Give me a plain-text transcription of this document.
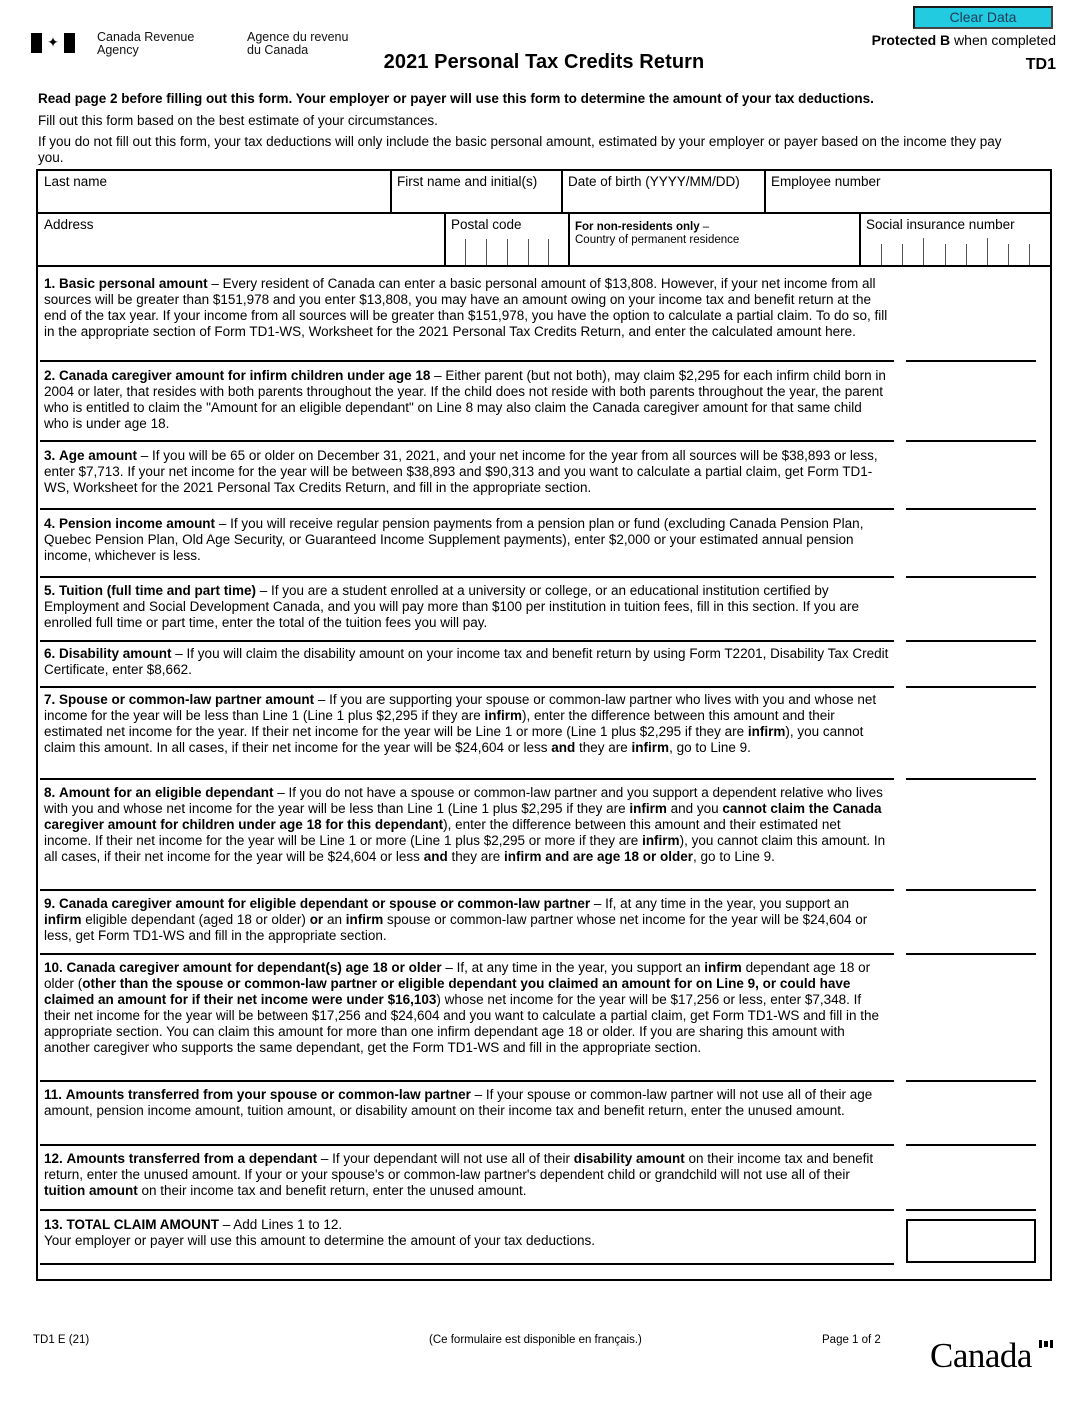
✦	Canada Revenue
Agency
Agence du revenu
du Canada
2021 Personal Tax Credits Return
Clear Data
Protected B when completed
TD1
Read page 2 before filling out this form. Your employer or payer will use this form to determine the amount of your tax deductions.
Fill out this form based on the best estimate of your circumstances.
If you do not fill out this form, your tax deductions will only include the basic personal amount, estimated by your employer or payer based on the income they pay you.
Last name	First name and initial(s)	Date of birth (YYYY/MM/DD)	Employee number
Address	Postal code	For non-residents only –
Country of permanent residence
Social insurance number
1. Basic personal amount – Every resident of Canada can enter a basic personal amount of $13,808. However, if your net income from all sources will be greater than $151,978 and you enter $13,808, you may have an amount owing on your income tax and benefit return at the end of the tax year. If your income from all sources will be greater than $151,978, you have the option to calculate a partial claim. To do so, fill in the appropriate section of Form TD1-WS, Worksheet for the 2021 Personal Tax Credits Return, and enter the calculated amount here.
2. Canada caregiver amount for infirm children under age 18 – Either parent (but not both), may claim $2,295 for each infirm child born in 2004 or later, that resides with both parents throughout the year. If the child does not reside with both parents throughout the year, the parent who is entitled to claim the "Amount for an eligible dependant" on Line 8 may also claim the Canada caregiver amount for that same child who is under age 18.
3. Age amount – If you will be 65 or older on December 31, 2021, and your net income for the year from all sources will be $38,893 or less, enter $7,713. If your net income for the year will be between $38,893 and $90,313 and you want to calculate a partial claim, get Form TD1-WS, Worksheet for the 2021 Personal Tax Credits Return, and fill in the appropriate section.
4. Pension income amount – If you will receive regular pension payments from a pension plan or fund (excluding Canada Pension Plan, Quebec Pension Plan, Old Age Security, or Guaranteed Income Supplement payments), enter $2,000 or your estimated annual pension income, whichever is less.
5. Tuition (full time and part time) – If you are a student enrolled at a university or college, or an educational institution certified by Employment and Social Development Canada, and you will pay more than $100 per institution in tuition fees, fill in this section. If you are enrolled full time or part time, enter the total of the tuition fees you will pay.
6. Disability amount – If you will claim the disability amount on your income tax and benefit return by using Form T2201, Disability Tax Credit Certificate, enter $8,662.
7. Spouse or common-law partner amount – If you are supporting your spouse or common-law partner who lives with you and whose net income for the year will be less than Line 1 (Line 1 plus $2,295 if they are infirm), enter the difference between this amount and their estimated net income for the year. If their net income for the year will be Line 1 or more (Line 1 plus $2,295 if they are infirm), you cannot claim this amount. In all cases, if their net income for the year will be $24,604 or less and they are infirm, go to Line 9.
8. Amount for an eligible dependant – If you do not have a spouse or common-law partner and you support a dependent relative who lives with you and whose net income for the year will be less than Line 1 (Line 1 plus $2,295 if they are infirm and you cannot claim the Canada caregiver amount for children under age 18 for this dependant), enter the difference between this amount and their estimated net income. If their net income for the year will be Line 1 or more (Line 1 plus $2,295 or more if they are infirm), you cannot claim this amount. In all cases, if their net income for the year will be $24,604 or less and they are infirm and are age 18 or older, go to Line 9.
9. Canada caregiver amount for eligible dependant or spouse or common-law partner – If, at any time in the year, you support an infirm eligible dependant (aged 18 or older) or an infirm spouse or common-law partner whose net income for the year will be $24,604 or less, get Form TD1-WS and fill in the appropriate section.
10. Canada caregiver amount for dependant(s) age 18 or older – If, at any time in the year, you support an infirm dependant age 18 or older (other than the spouse or common-law partner or eligible dependant you claimed an amount for on Line 9, or could have claimed an amount for if their net income were under $16,103) whose net income for the year will be $17,256 or less, enter $7,348. If their net income for the year will be between $17,256 and $24,604 and you want to calculate a partial claim, get Form TD1-WS and fill in the appropriate section. You can claim this amount for more than one infirm dependant age 18 or older. If you are sharing this amount with another caregiver who supports the same dependant, get the Form TD1-WS and fill in the appropriate section.
11. Amounts transferred from your spouse or common-law partner – If your spouse or common-law partner will not use all of their age amount, pension income amount, tuition amount, or disability amount on their income tax and benefit return, enter the unused amount.
12. Amounts transferred from a dependant – If your dependant will not use all of their disability amount on their income tax and benefit return, enter the unused amount. If your or your spouse's or common-law partner's dependent child or grandchild will not use all of their tuition amount on their income tax and benefit return, enter the unused amount.
13. TOTAL CLAIM AMOUNT – Add Lines 1 to 12.
Your employer or payer will use this amount to determine the amount of your tax deductions.
TD1 E (21)	(Ce formulaire est disponible en français.)	Page 1 of 2 Canada
